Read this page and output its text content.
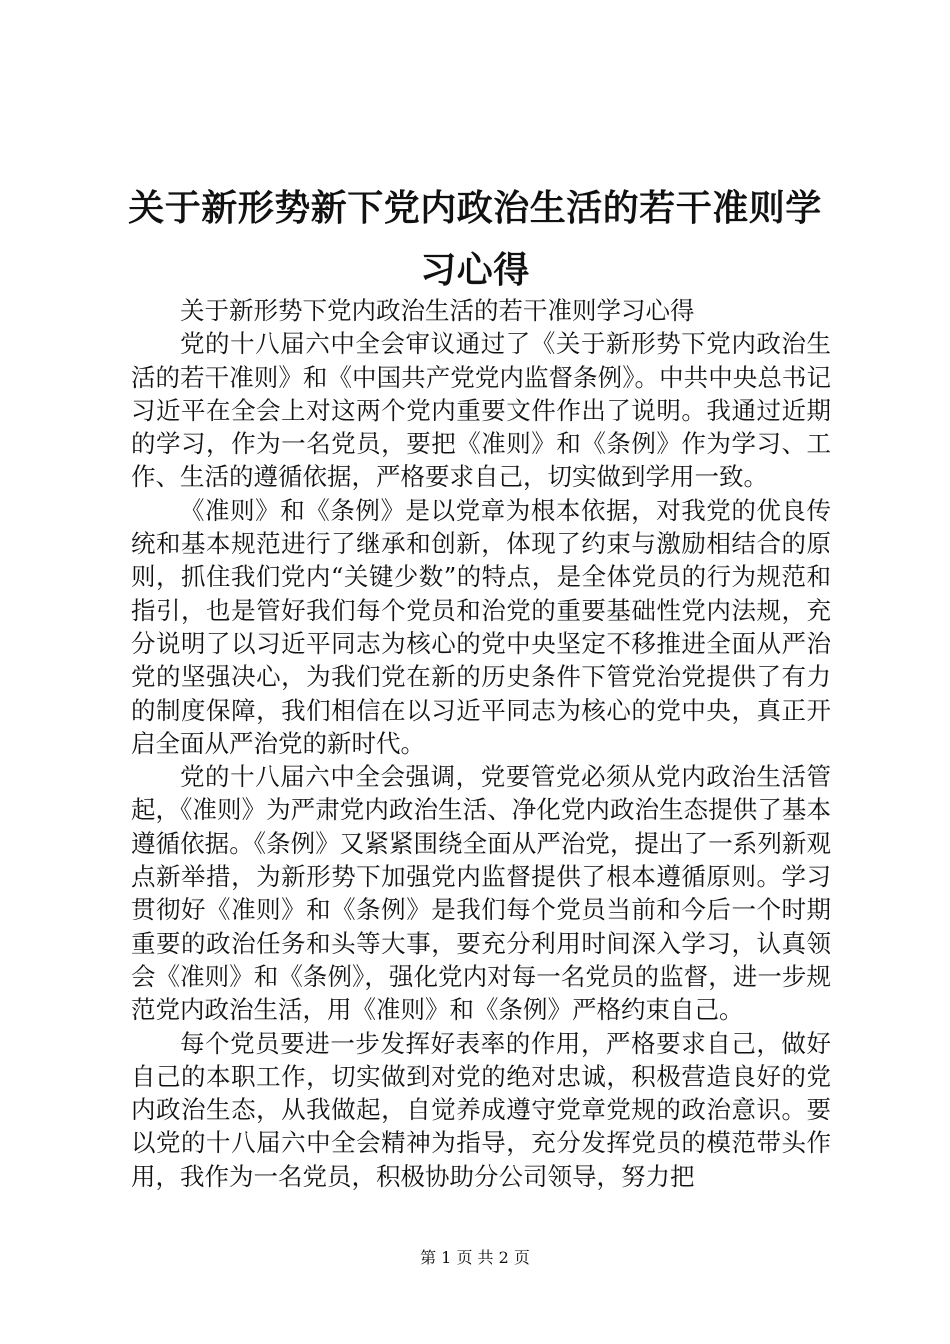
关于新形势新下党内政治生活的若干准则学习心得

关于新形势下党内政治生活的若干准则学习心得

党的十八届六中全会审议通过了《关于新形势下党内政治生活的若干准则》和《中国共产党党内监督条例》。中共中央总书记习近平在全会上对这两个党内重要文件作出了说明。我通过近期的学习，作为一名党员，要把《准则》和《条例》作为学习、工作、生活的遵循依据，严格要求自己，切实做到学用一致。

《准则》和《条例》是以党章为根本依据，对我党的优良传统和基本规范进行了继承和创新，体现了约束与激励相结合的原则，抓住我们党内“关键少数”的特点，是全体党员的行为规范和指引，也是管好我们每个党员和治党的重要基础性党内法规，充分说明了以习近平同志为核心的党中央坚定不移推进全面从严治党的坚强决心，为我们党在新的历史条件下管党治党提供了有力的制度保障，我们相信在以习近平同志为核心的党中央，真正开启全面从严治党的新时代。

党的十八届六中全会强调，党要管党必须从党内政治生活管起，《准则》为严肃党内政治生活、净化党内政治生态提供了基本遵循依据。《条例》又紧紧围绕全面从严治党，提出了一系列新观点新举措，为新形势下加强党内监督提供了根本遵循原则。学习贯彻好《准则》和《条例》是我们每个党员当前和今后一个时期重要的政治任务和头等大事，要充分利用时间深入学习，认真领会《准则》和《条例》，强化党内对每一名党员的监督，进一步规范党内政治生活，用《准则》和《条例》严格约束自己。

每个党员要进一步发挥好表率的作用，严格要求自己，做好自己的本职工作，切实做到对党的绝对忠诚，积极营造良好的党内政治生态，从我做起，自觉养成遵守党章党规的政治意识。要以党的十八届六中全会精神为指导，充分发挥党员的模范带头作用，我作为一名党员，积极协助分公司领导，努力把

第 1 页 共 2 页
